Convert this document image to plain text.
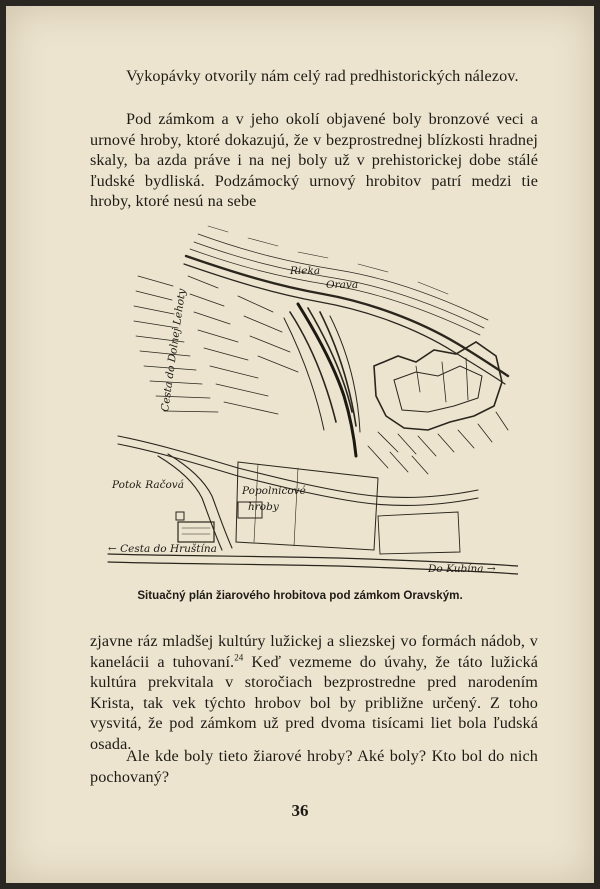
Vykopávky otvorily nám celý rad predhistorických nálezov.

Pod zámkom a v jeho okolí objavené boly bronzové veci a urnové hroby, ktoré dokazujú, že v bezprostrednej blízkosti hradnej skaly, ba azda práve i na nej boly už v prehistorickej dobe stálé ľudské bydliská. Podzámocký urnový hrobitov patrí medzi tie hroby, ktoré nesú na sebe

Rieka
Orava
Cesta do Dolnej Lehoty
Potok Račová	Popolnicové
hroby
← Cesta do Hruštína
Do Kubína →
Situačný plán žiarového hrobitova pod zámkom Oravským.

zjavne ráz mladšej kultúry lužickej a sliezskej vo formách nádob, v kanelácii a tuhovaní.$^{24}$ Keď vezmeme do úvahy, že táto lužická kultúra prekvitala v storočiach bezprostredne pred narodením Krista, tak vek týchto hrobov bol by približne určený. Z toho vysvitá, že pod zámkom už pred dvoma tisícami liet bola ľudská osada.

Ale kde boly tieto žiarové hroby? Aké boly? Kto bol do nich pochovaný?

36
